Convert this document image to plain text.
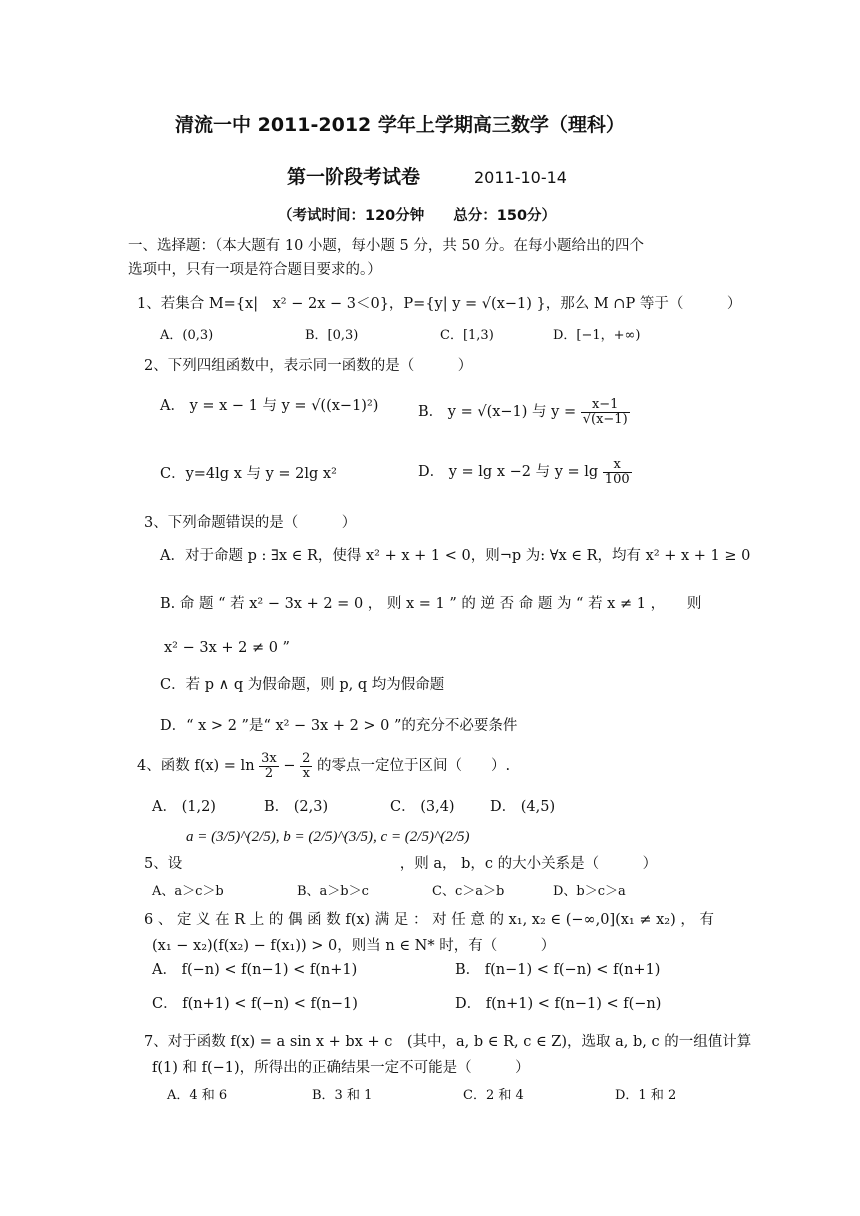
清流一中 2011-2012 学年上学期高三数学（理科）
第一阶段考试卷	2011-10-14
（考试时间：120分钟　　总分：150分）
一、选择题：（本大题有 10 小题，每小题 5 分，共 50 分。在每小题给出的四个
选项中，只有一项是符合题目要求的。）
1、若集合 M={x|　x² − 2x − 3＜0}，P={y| y = √(x−1) }，那么 M ∩P 等于（　　　）
A．(0,3)	B．[0,3)	C．[1,3)	D．[−1，+∞)
2、下列四组函数中，表示同一函数的是（　　　）
A． y = x − 1 与 y = √((x−1)²)	B． y = √(x−1) 与 $y = \frac{x-1}{√(x-1)}$
C．y=4lg x 与 y = 2lg x²	D． y = lg x −2 与 $y = \lg \frac{x}{100}$
3、下列命题错误的是（　　　）
A．对于命题 p : ∃x ∈ R，使得 x² + x + 1 < 0，则¬p 为: ∀x ∈ R，均有 x² + x + 1 ≥ 0
B. 命 题 “ 若 x² − 3x + 2 = 0 ， 则 x = 1 ” 的 逆 否 命 题 为 “ 若 x ≠ 1 ，　　则
x² − 3x + 2 ≠ 0 ”
C．若 p ∧ q 为假命题，则 p, q 均为假命题
D．“ x > 2 ”是“ x² − 3x + 2 > 0 ”的充分不必要条件
4、函数 $f(x) = \ln \frac{3x}{2} - \frac{2}{x}$ 的零点一定位于区间（　　）.
A． (1,2)	B． (2,3)	C． (3,4) D． (4,5)
a = (3/5)^(2/5), b = (2/5)^(3/5), c = (2/5)^(2/5)
5、设　　　　　　　　　　　　　　　，则 a， b，c 的大小关系是（　　　）
A、a＞c＞b	B、a＞b＞c	C、c＞a＞b	D、b＞c＞a
6 、 定 义 在 R 上 的 偶 函 数 f(x) 满 足 ： 对 任 意 的 x₁, x₂ ∈ (−∞,0](x₁ ≠ x₂) ， 有
(x₁ − x₂)(f(x₂) − f(x₁)) > 0，则当 n ∈ N* 时，有（　　　）
A． f(−n) < f(n−1) < f(n+1)	B． f(n−1) < f(−n) < f(n+1)
C． f(n+1) < f(−n) < f(n−1)	D． f(n+1) < f(n−1) < f(−n)
7、对于函数 f(x) = a sin x + bx + c　(其中，a, b ∈ R, c ∈ Z)，选取 a, b, c 的一组值计算
f(1) 和 f(−1)，所得出的正确结果一定不可能是（　　　）
A．4 和 6	B．3 和 1	C．2 和 4	D．1 和 2
